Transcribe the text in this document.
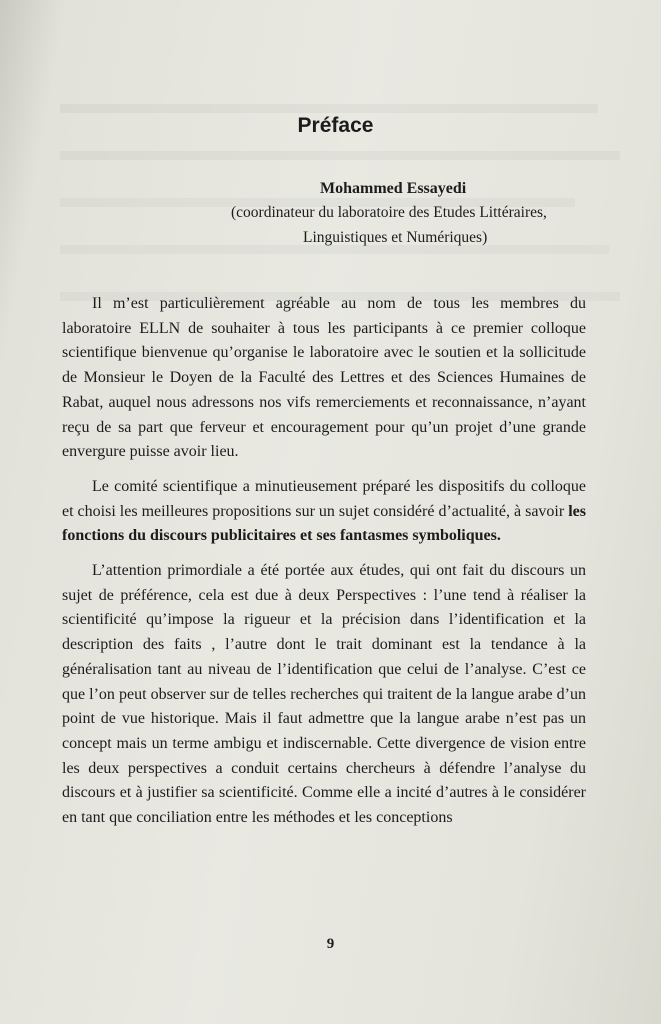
Préface
Mohammed Essayedi
(coordinateur du laboratoire des Etudes Littéraires,
Linguistiques et Numériques)

Il m’est particulièrement agréable au nom de tous les membres du laboratoire ELLN de souhaiter à tous les participants à ce premier colloque scientifique bienvenue qu’organise le laboratoire avec le soutien et la sollicitude de Monsieur le Doyen de la Faculté des Lettres et des Sciences Humaines de Rabat, auquel nous adressons nos vifs remerciements et reconnaissance, n’ayant reçu de sa part que ferveur et encouragement pour qu’un projet d’une grande envergure puisse avoir lieu.

Le comité scientifique a minutieusement préparé les dispositifs du colloque et choisi les meilleures propositions sur un sujet considéré d’actualité, à savoir les fonctions du discours publicitaires et ses fantasmes symboliques.

L’attention primordiale a été portée aux études, qui ont fait du discours un sujet de préférence, cela est due à deux Perspectives : l’une tend à réaliser la scientificité qu’impose la rigueur et la précision dans l’identification et la description des faits , l’autre dont le trait dominant est la tendance à la généralisation tant au niveau de l’identification que celui de l’analyse. C’est ce que l’on peut observer sur de telles recherches qui traitent de la langue arabe d’un point de vue historique. Mais il faut admettre que la langue arabe n’est pas un concept mais un terme ambigu et indiscernable. Cette divergence de vision entre les deux perspectives a conduit certains chercheurs à défendre l’analyse du discours et à justifier sa scientificité. Comme elle a incité d’autres à le considérer en tant que conciliation entre les méthodes et les conceptions

9
